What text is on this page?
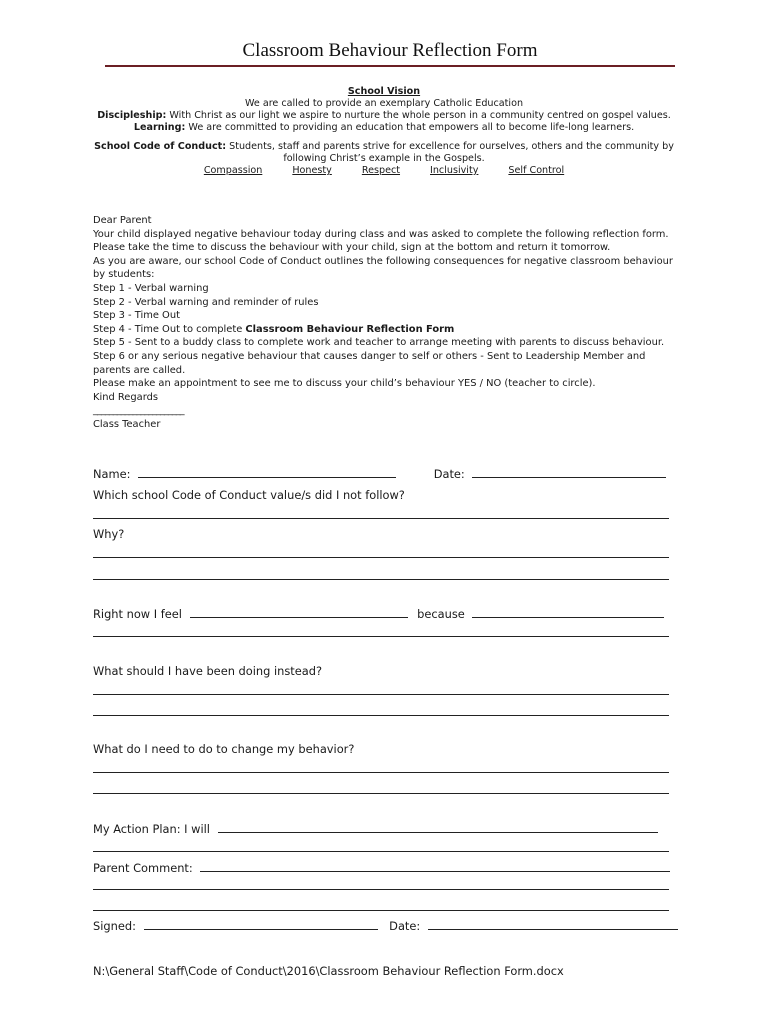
Classroom Behaviour Reflection Form
School Vision
We are called to provide an exemplary Catholic Education
Discipleship: With Christ as our light we aspire to nurture the whole person in a community centred on gospel values.
Learning: We are committed to providing an education that empowers all to become life-long learners.
School Code of Conduct: Students, staff and parents strive for excellence for ourselves, others and the community by following Christ’s example in the Gospels.
Compassion	Honesty	Respect	Inclusivity	Self Control
Dear Parent
Your child displayed negative behaviour today during class and was asked to complete the following reflection form. Please take the time to discuss the behaviour with your child, sign at the bottom and return it tomorrow.
As you are aware, our school Code of Conduct outlines the following consequences for negative classroom behaviour by students:
Step 1 - Verbal warning
Step 2 - Verbal warning and reminder of rules
Step 3 - Time Out
Step 4 - Time Out to complete Classroom Behaviour Reflection Form
Step 5 - Sent to a buddy class to complete work and teacher to arrange meeting with parents to discuss behaviour.
Step 6 or any serious negative behaviour that causes danger to self or others - Sent to Leadership Member and parents are called.
Please make an appointment to see me to discuss your child’s behaviour YES / NO (teacher to circle).
Kind Regards
_______________________
Class Teacher
Name:	Date:
Which school Code of Conduct value/s did I not follow?
Why?
Right now I feel	because
What should I have been doing instead?
What do I need to do to change my behavior?
My Action Plan: I will
Parent Comment:
Signed:	Date:
N:\General Staff\Code of Conduct\2016\Classroom Behaviour Reflection Form.docx
